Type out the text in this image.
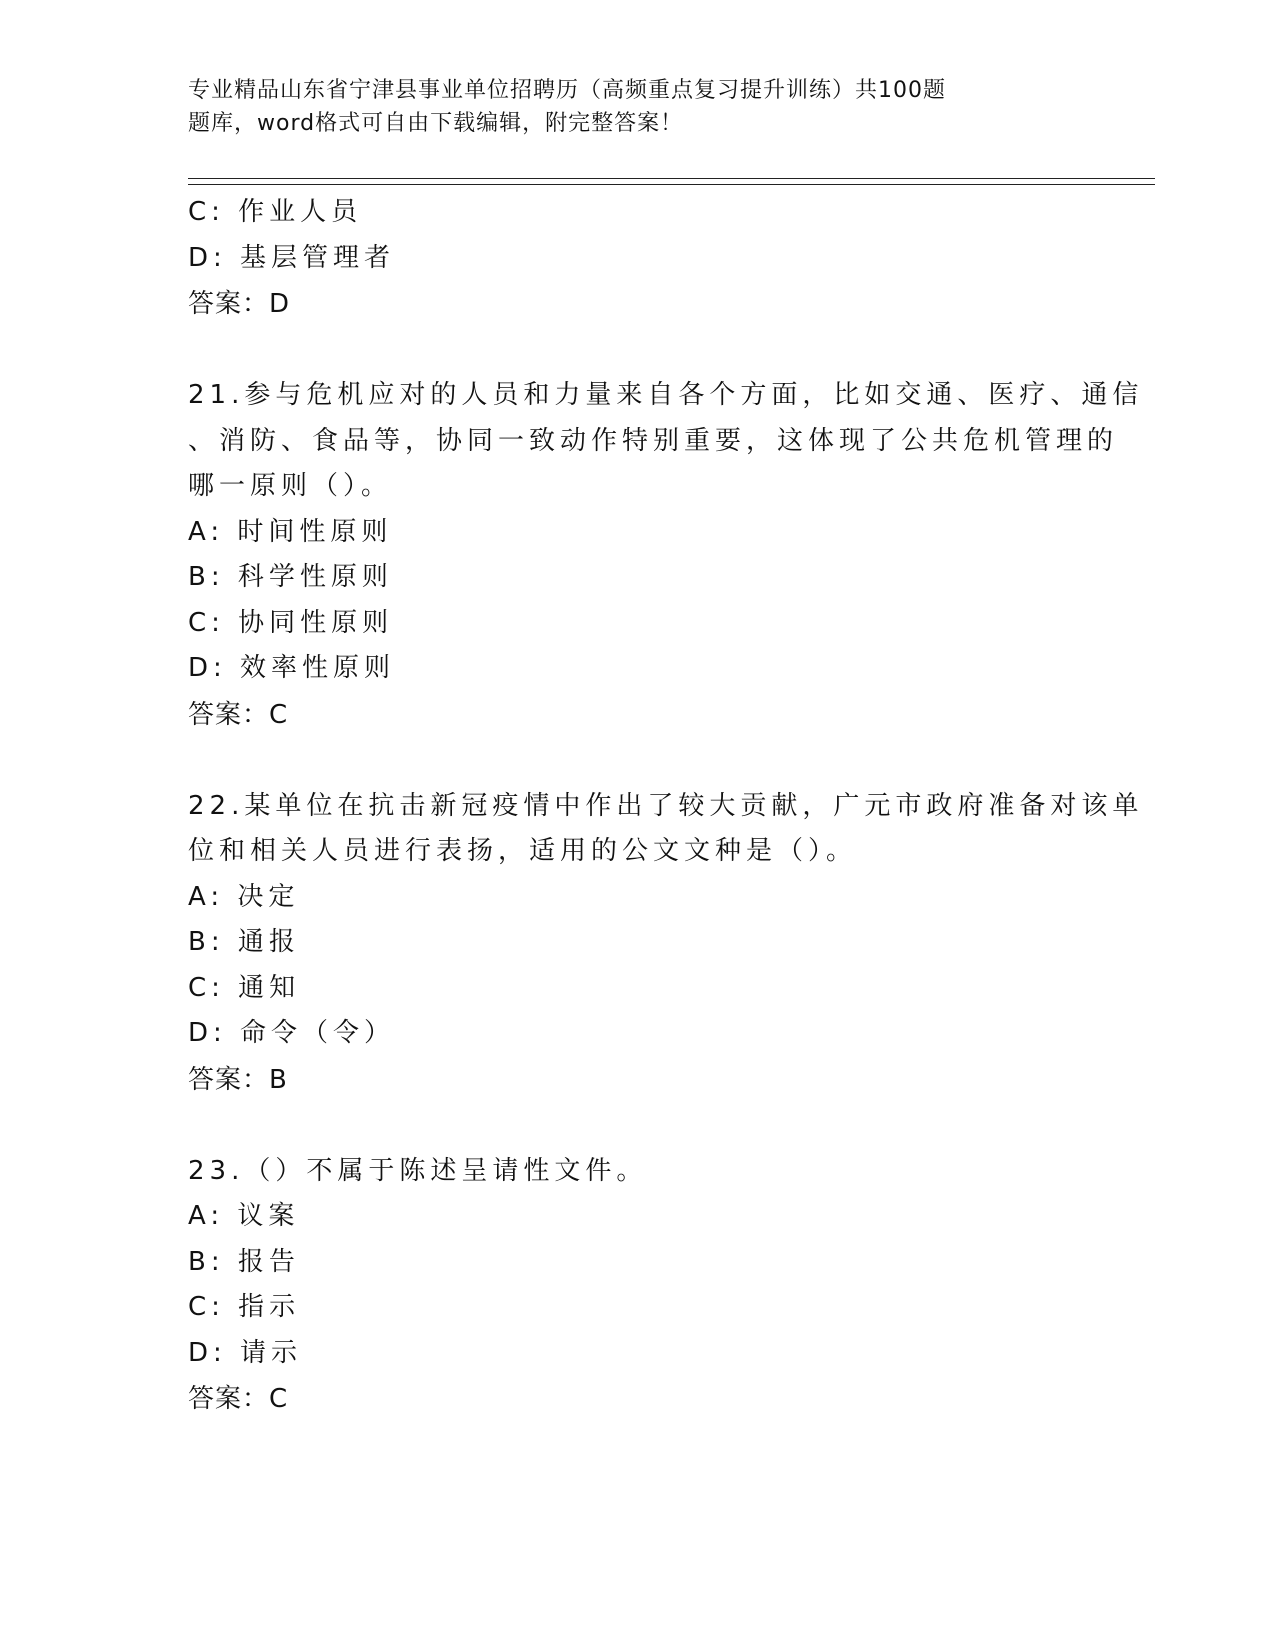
专业精品山东省宁津县事业单位招聘历（高频重点复习提升训练）共100题
题库，word格式可自由下载编辑，附完整答案！
C: 作业人员
D: 基层管理者
答案：D
21.参与危机应对的人员和力量来自各个方面，比如交通、医疗、通信
、消防、食品等，协同一致动作特别重要，这体现了公共危机管理的
哪一原则（）。
A: 时间性原则
B: 科学性原则
C: 协同性原则
D: 效率性原则
答案：C
22.某单位在抗击新冠疫情中作出了较大贡献，广元市政府准备对该单
位和相关人员进行表扬，适用的公文文种是（）。
A: 决定
B: 通报
C: 通知
D: 命令（令）
答案：B
23.（）不属于陈述呈请性文件。
A: 议案
B: 报告
C: 指示
D: 请示
答案：C
